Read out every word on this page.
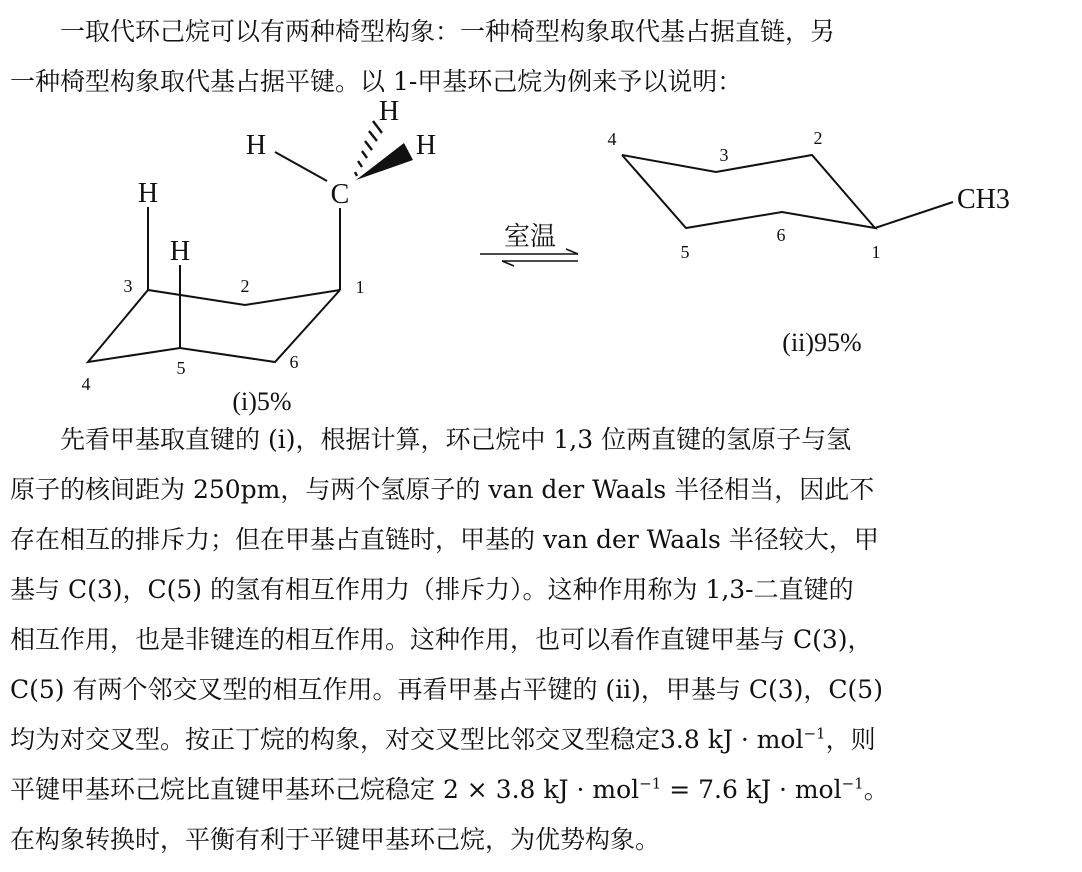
　　一取代环己烷可以有两种椅型构象：一种椅型构象取代基占据直链，另
一种椅型构象取代基占据平键。以 1-甲基环己烷为例来予以说明：
H
H	H
C
H
H
1
2
3
4
5	6
(i)5%
室温
4
3
2
5
6
1
CH3
(ii)95%
　　先看甲基取直键的 (i)，根据计算，环己烷中 1,3 位两直键的氢原子与氢
原子的核间距为 250pm，与两个氢原子的 van der Waals 半径相当，因此不
存在相互的排斥力；但在甲基占直链时，甲基的 van der Waals 半径较大，甲
基与 C(3)，C(5) 的氢有相互作用力（排斥力）。这种作用称为 1,3-二直键的
相互作用，也是非键连的相互作用。这种作用，也可以看作直键甲基与 C(3)，
C(5) 有两个邻交叉型的相互作用。再看甲基占平键的 (ii)，甲基与 C(3)，C(5)
均为对交叉型。按正丁烷的构象，对交叉型比邻交叉型稳定3.8 kJ · mol$^{-1}$，则
平键甲基环己烷比直键甲基环己烷稳定 2 × 3.8 kJ · mol$^{-1}$ = 7.6 kJ · mol$^{-1}$。
在构象转换时，平衡有利于平键甲基环己烷，为优势构象。
